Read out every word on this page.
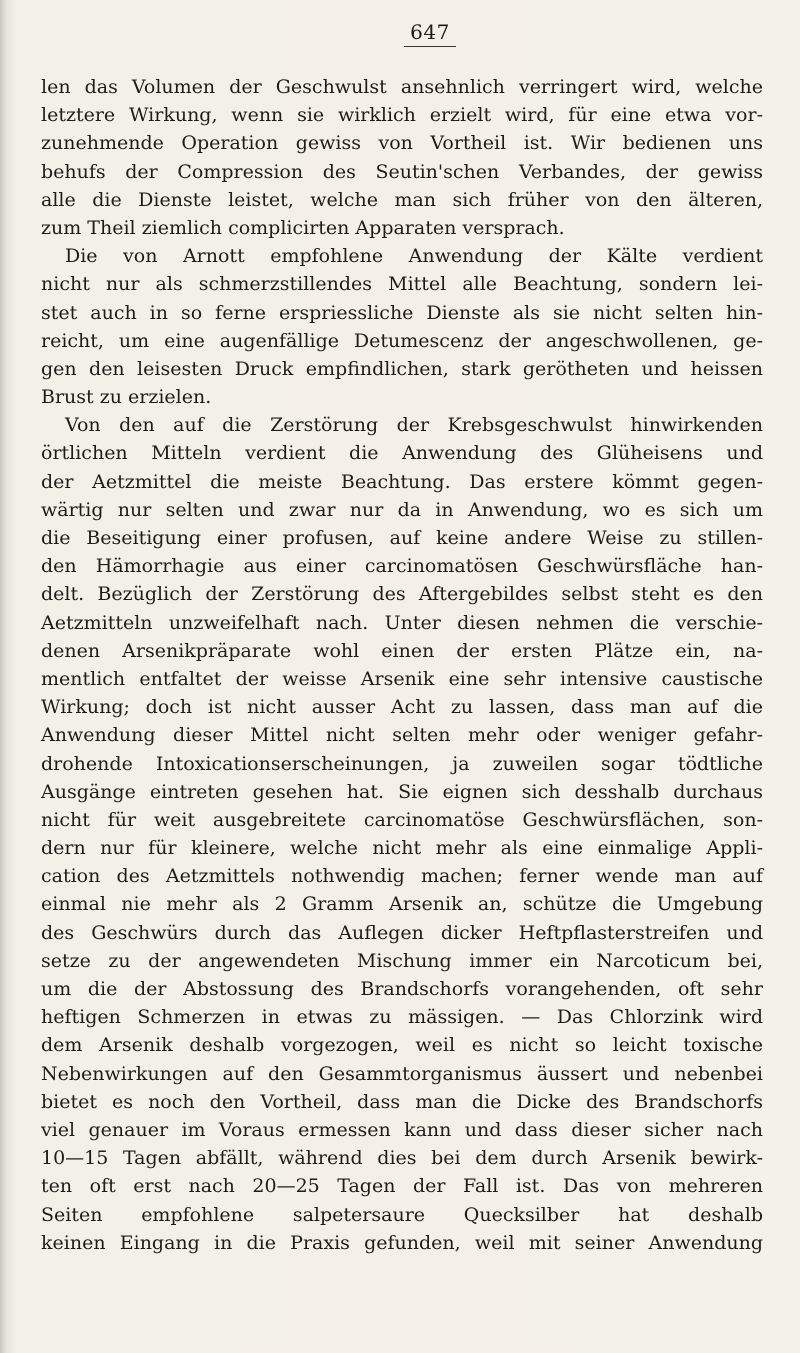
647
len das Volumen der Geschwulst ansehnlich verringert wird, welche
letztere Wirkung, wenn sie wirklich erzielt wird, für eine etwa vor-
zunehmende Operation gewiss von Vortheil ist. Wir bedienen uns
behufs der Compression des Seutin'schen Verbandes, der gewiss
alle die Dienste leistet, welche man sich früher von den älteren,
zum Theil ziemlich complicirten Apparaten versprach.
Die von Arnott empfohlene Anwendung der Kälte verdient
nicht nur als schmerzstillendes Mittel alle Beachtung, sondern lei-
stet auch in so ferne erspriessliche Dienste als sie nicht selten hin-
reicht, um eine augenfällige Detumescenz der angeschwollenen, ge-
gen den leisesten Druck empfindlichen, stark gerötheten und heissen
Brust zu erzielen.
Von den auf die Zerstörung der Krebsgeschwulst hinwirkenden
örtlichen Mitteln verdient die Anwendung des Glüheisens und
der Aetzmittel die meiste Beachtung. Das erstere kömmt gegen-
wärtig nur selten und zwar nur da in Anwendung, wo es sich um
die Beseitigung einer profusen, auf keine andere Weise zu stillen-
den Hämorrhagie aus einer carcinomatösen Geschwürsfläche han-
delt. Bezüglich der Zerstörung des Aftergebildes selbst steht es den
Aetzmitteln unzweifelhaft nach. Unter diesen nehmen die verschie-
denen Arsenikpräparate wohl einen der ersten Plätze ein, na-
mentlich entfaltet der weisse Arsenik eine sehr intensive caustische
Wirkung; doch ist nicht ausser Acht zu lassen, dass man auf die
Anwendung dieser Mittel nicht selten mehr oder weniger gefahr-
drohende Intoxicationserscheinungen, ja zuweilen sogar tödtliche
Ausgänge eintreten gesehen hat. Sie eignen sich desshalb durchaus
nicht für weit ausgebreitete carcinomatöse Geschwürsflächen, son-
dern nur für kleinere, welche nicht mehr als eine einmalige Appli-
cation des Aetzmittels nothwendig machen; ferner wende man auf
einmal nie mehr als 2 Gramm Arsenik an, schütze die Umgebung
des Geschwürs durch das Auflegen dicker Heftpflasterstreifen und
setze zu der angewendeten Mischung immer ein Narcoticum bei,
um die der Abstossung des Brandschorfs vorangehenden, oft sehr
heftigen Schmerzen in etwas zu mässigen. — Das Chlorzink wird
dem Arsenik deshalb vorgezogen, weil es nicht so leicht toxische
Nebenwirkungen auf den Gesammtorganismus äussert und nebenbei
bietet es noch den Vortheil, dass man die Dicke des Brandschorfs
viel genauer im Voraus ermessen kann und dass dieser sicher nach
10—15 Tagen abfällt, während dies bei dem durch Arsenik bewirk-
ten oft erst nach 20—25 Tagen der Fall ist. Das von mehreren
Seiten empfohlene salpetersaure Quecksilber hat deshalb
keinen Eingang in die Praxis gefunden, weil mit seiner Anwendung
